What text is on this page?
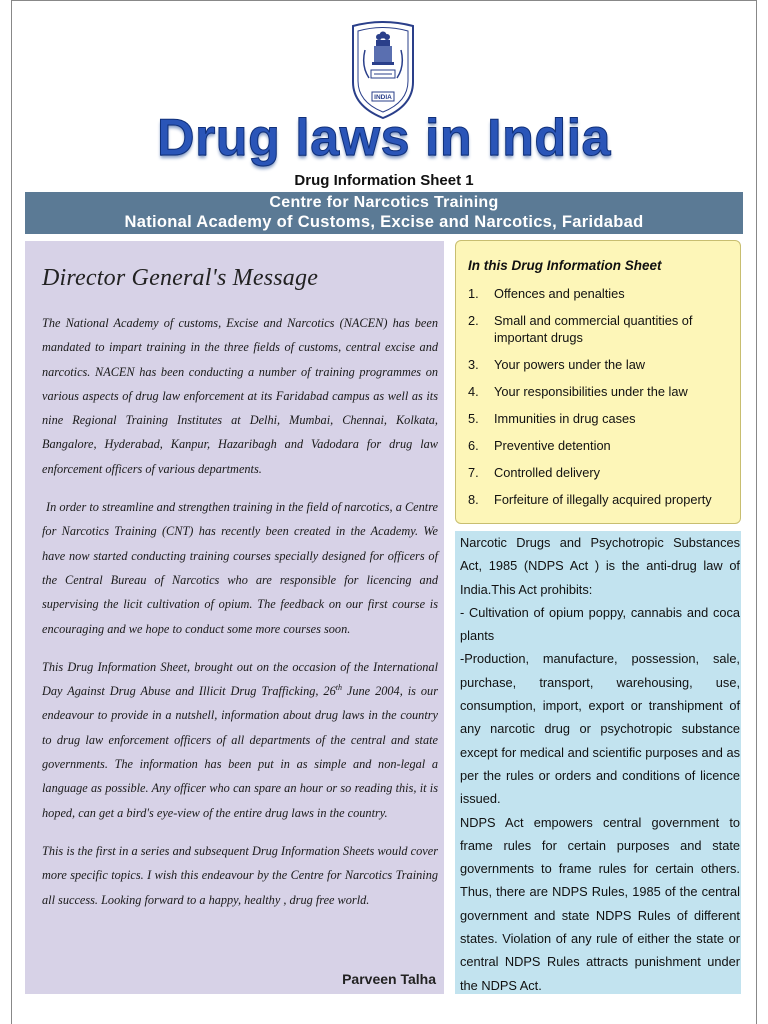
INDIA
Drug laws in India
Drug Information Sheet 1
Centre for Narcotics Training
National Academy of Customs, Excise and Narcotics, Faridabad
Director General's Message

The National Academy of customs, Excise and Narcotics (NACEN) has been mandated to impart training in the three fields of customs, central excise and narcotics. NACEN has been conducting a number of training programmes on various aspects of drug law enforcement at its Faridabad campus as well as its nine Regional Training Institutes at Delhi, Mumbai, Chennai, Kolkata, Bangalore, Hyderabad, Kanpur, Hazaribagh and Vadodara for drug law enforcement officers of various departments.

In order to streamline and strengthen training in the field of narcotics, a Centre for Narcotics Training (CNT) has recently been created in the Academy. We have now started conducting training courses specially designed for officers of the Central Bureau of Narcotics who are responsible for licencing and supervising the licit cultivation of opium. The feedback on our first course is encouraging and we hope to conduct some more courses soon.

This Drug Information Sheet, brought out on the occasion of the International Day Against Drug Abuse and Illicit Drug Trafficking, 26th June 2004, is our endeavour to provide in a nutshell, information about drug laws in the country to drug law enforcement officers of all departments of the central and state governments. The information has been put in as simple and non-legal a language as possible. Any officer who can spare an hour or so reading this, it is hoped, can get a bird's eye-view of the entire drug laws in the country.

This is the first in a series and subsequent Drug Information Sheets would cover more specific topics. I wish this endeavour by the Centre for Narcotics Training all success. Looking forward to a happy, healthy , drug free world.

Parveen Talha
In this Drug Information Sheet
1.	Offences and penalties
2.	Small and commercial quantities of important drugs
3.	Your powers under the law
4.	Your responsibilities under the law
5.	Immunities in drug cases
6.	Preventive detention
7.	Controlled delivery
8.	Forfeiture of illegally acquired property

Narcotic Drugs and Psychotropic Substances Act, 1985 (NDPS Act ) is the anti-drug law of India.This Act prohibits:

- Cultivation of opium poppy, cannabis and coca plants

-Production, manufacture, possession, sale, purchase, transport, warehousing, use, consumption, import, export or transhipment of any narcotic drug or psychotropic substance except for medical and scientific purposes and as per the rules or orders and conditions of licence issued.

NDPS Act empowers central government to frame rules for certain purposes and state governments to frame rules for certain others. Thus, there are NDPS Rules, 1985 of the central government and state NDPS Rules of different states. Violation of any rule of either the state or central NDPS Rules attracts punishment under the NDPS Act.
